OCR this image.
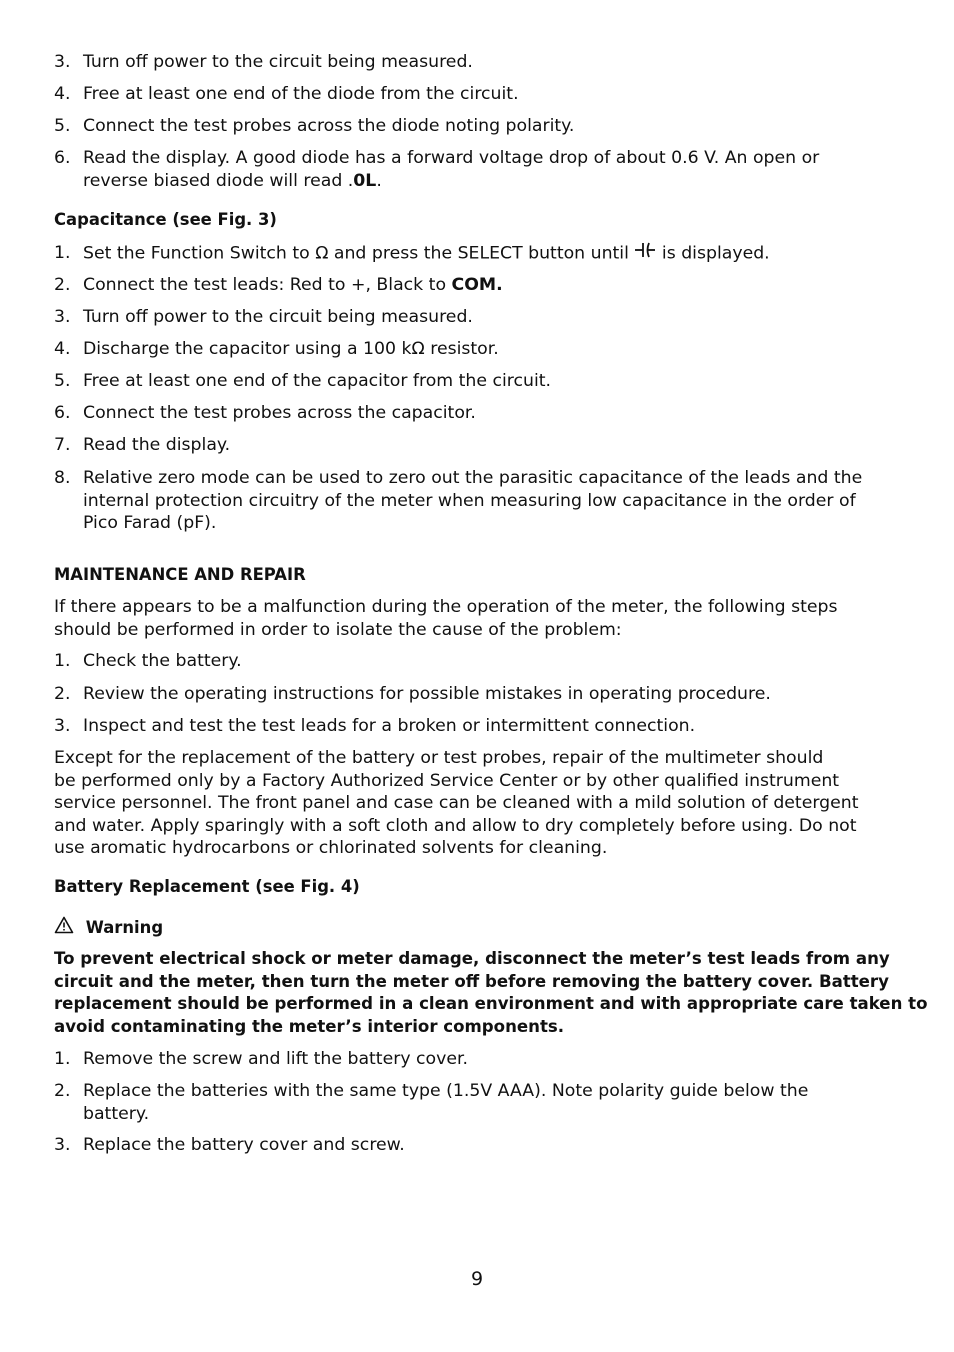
3. Turn off power to the circuit being measured.
4. Free at least one end of the diode from the circuit.
5. Connect the test probes across the diode noting polarity.
6. Read the display. A good diode has a forward voltage drop of about 0.6 V. An open or
reverse biased diode will read .0L.
Capacitance (see Fig. 3)
1. Set the Function Switch to Ω and press the SELECT button until is displayed.
2. Connect the test leads: Red to +, Black to COM.
3. Turn off power to the circuit being measured.
4. Discharge the capacitor using a 100 kΩ resistor.
5. Free at least one end of the capacitor from the circuit.
6. Connect the test probes across the capacitor.
7. Read the display.
8. Relative zero mode can be used to zero out the parasitic capacitance of the leads and the
internal protection circuitry of the meter when measuring low capacitance in the order of
Pico Farad (pF).
MAINTENANCE AND REPAIR
If there appears to be a malfunction during the operation of the meter, the following steps
should be performed in order to isolate the cause of the problem:
1. Check the battery.
2. Review the operating instructions for possible mistakes in operating procedure.
3. Inspect and test the test leads for a broken or intermittent connection.
Except for the replacement of the battery or test probes, repair of the multimeter should
be performed only by a Factory Authorized Service Center or by other qualified instrument
service personnel. The front panel and case can be cleaned with a mild solution of detergent
and water. Apply sparingly with a soft cloth and allow to dry completely before using. Do not
use aromatic hydrocarbons or chlorinated solvents for cleaning.
Battery Replacement (see Fig. 4)
Warning
To prevent electrical shock or meter damage, disconnect the meter’s test leads from any
circuit and the meter, then turn the meter off before removing the battery cover. Battery
replacement should be performed in a clean environment and with appropriate care taken to
avoid contaminating the meter’s interior components.
1. Remove the screw and lift the battery cover.
2. Replace the batteries with the same type (1.5V AAA). Note polarity guide below the
battery.
3. Replace the battery cover and screw.
9
